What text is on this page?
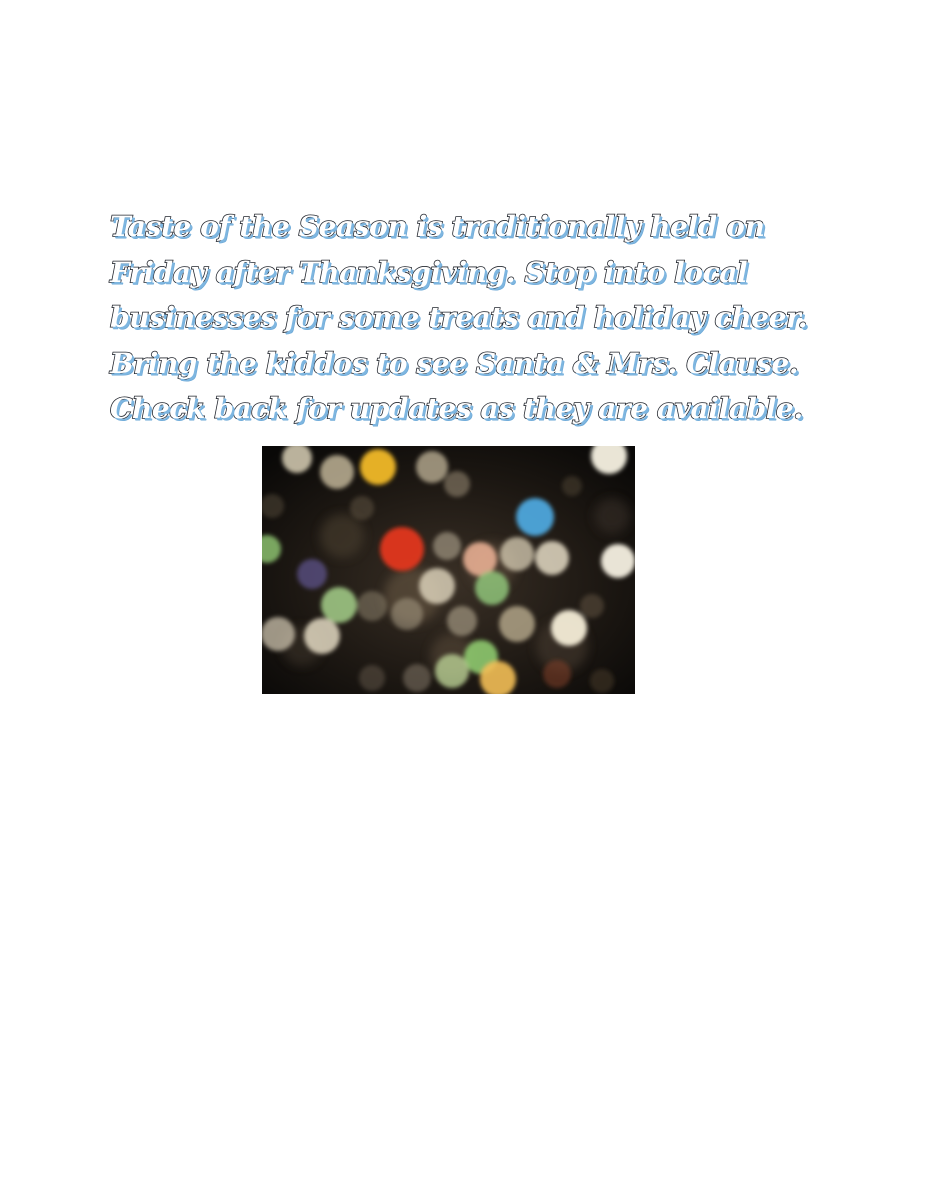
Taste of the Season is traditionally held on
Friday after Thanksgiving. Stop into local
businesses for some treats and holiday cheer.
Bring the kiddos to see Santa & Mrs. Clause.
Check back for updates as they are available.
